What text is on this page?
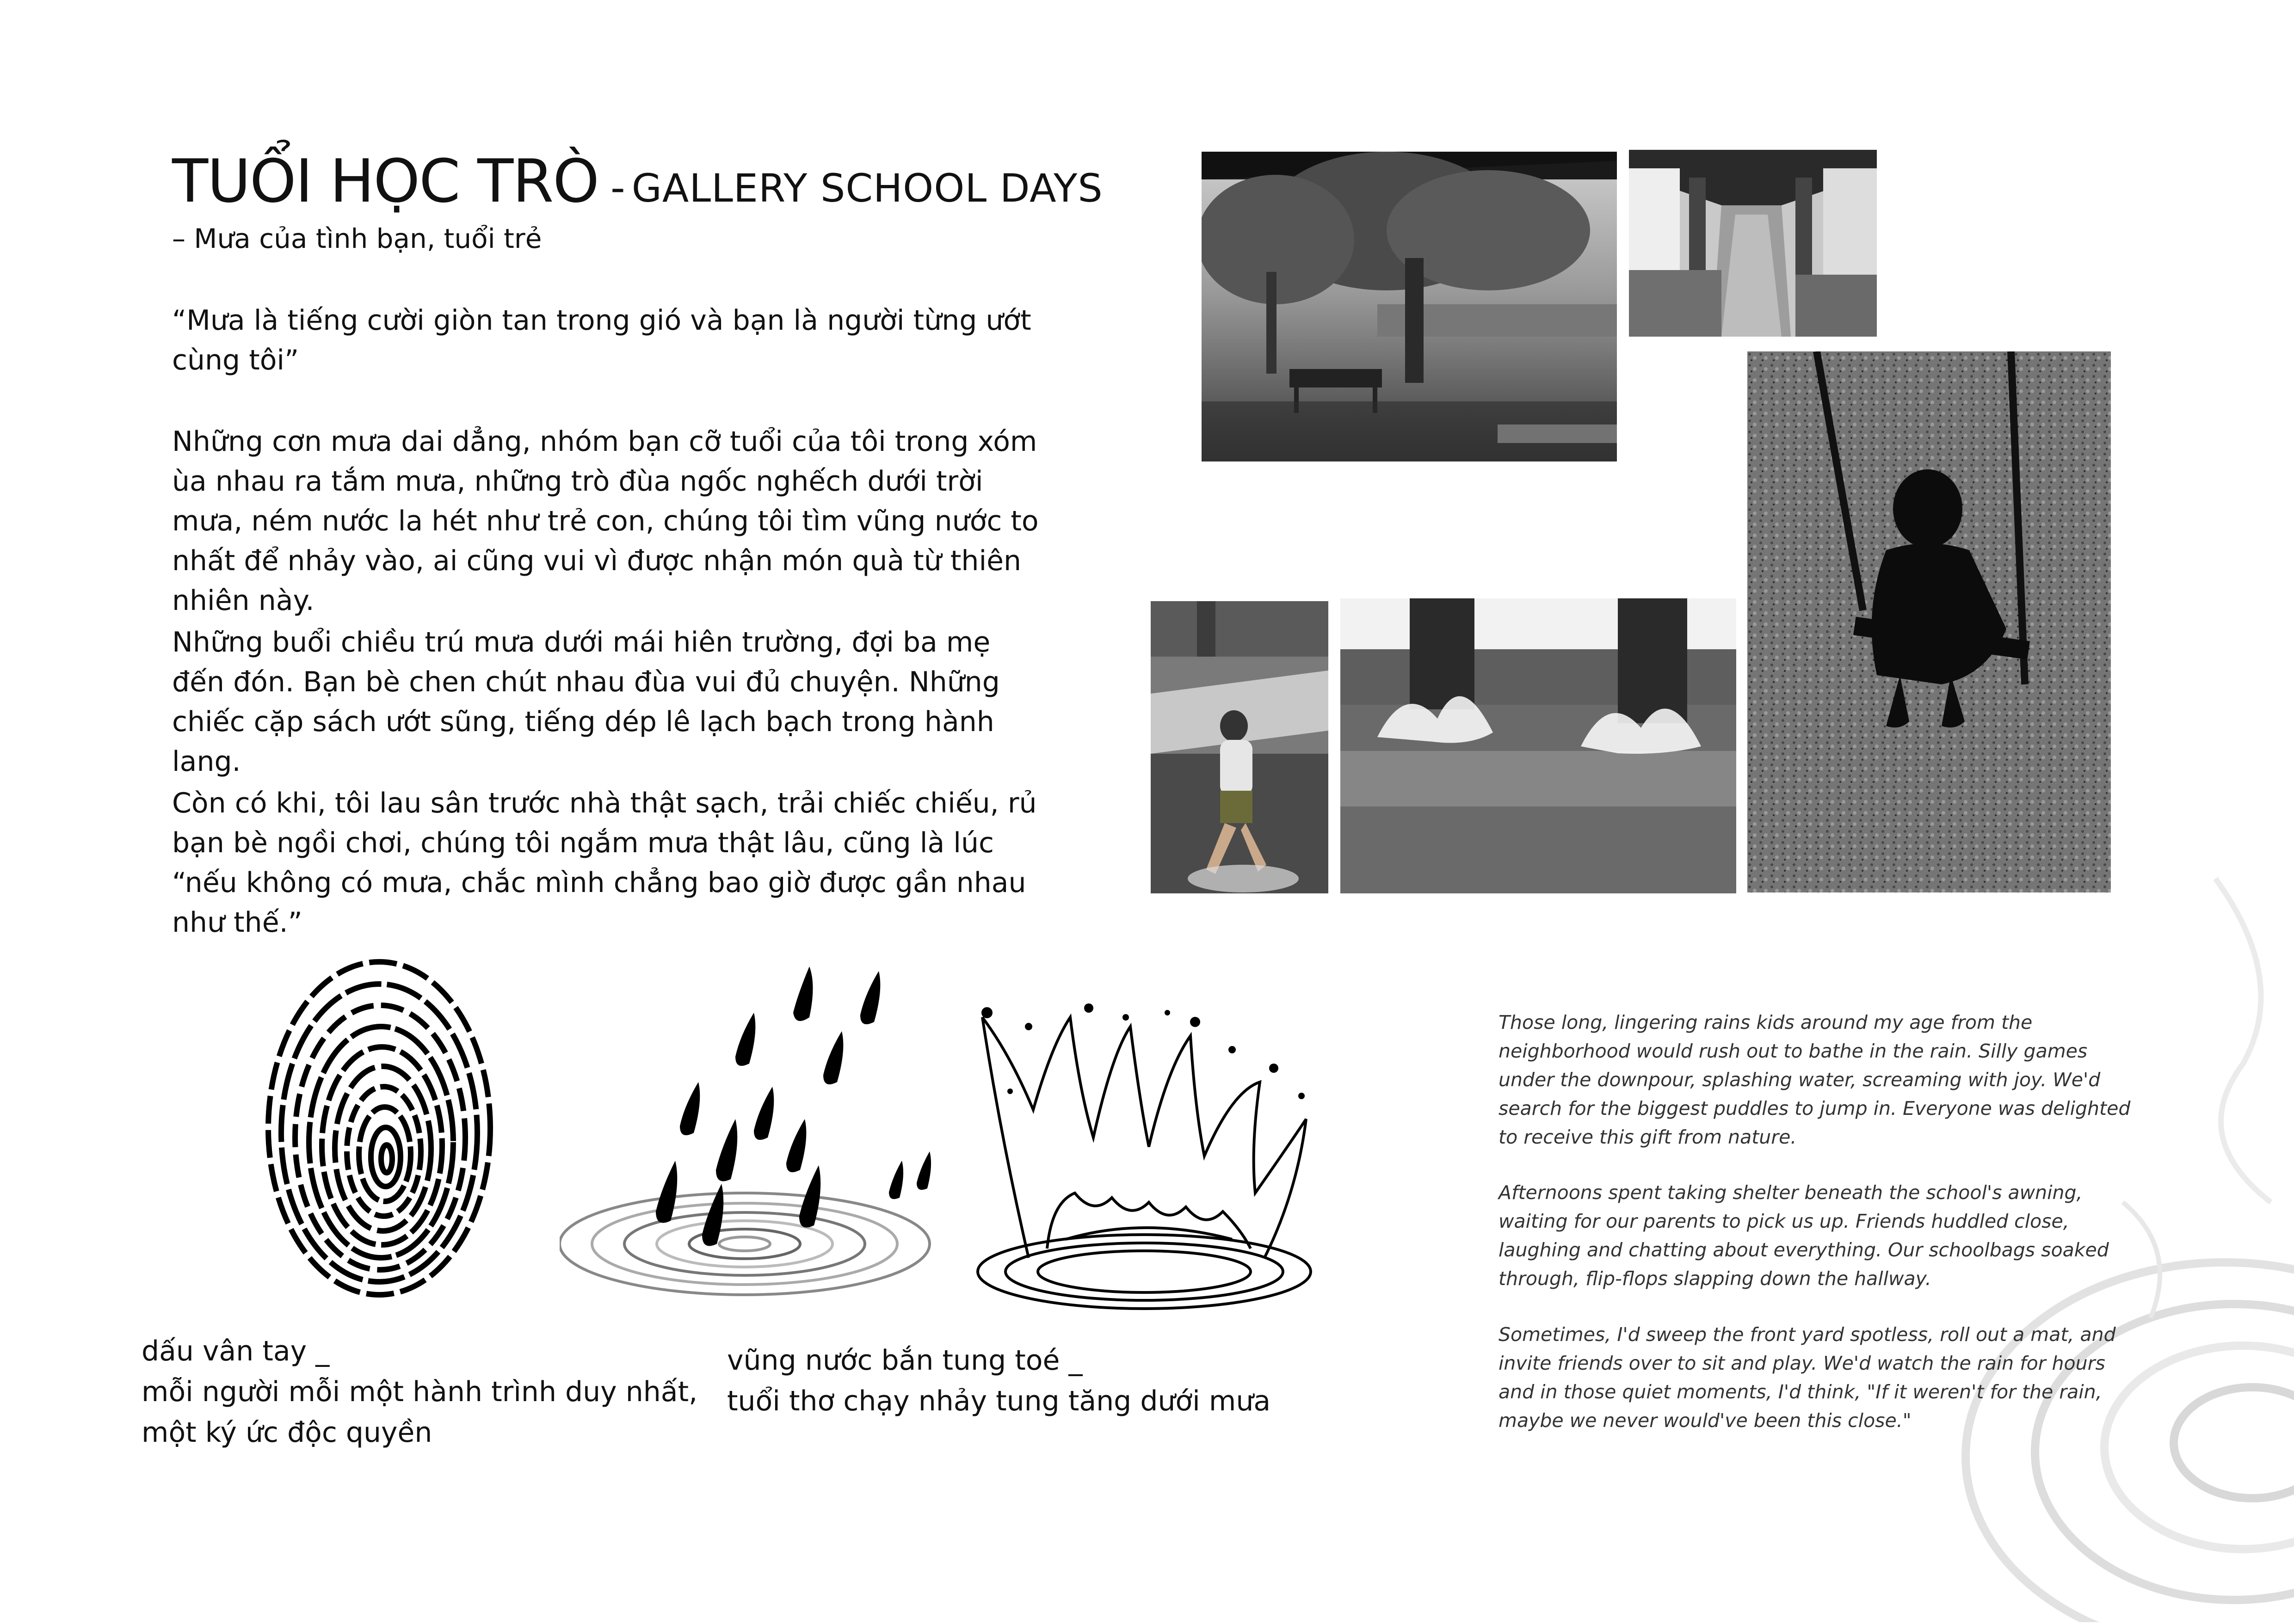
TUỔI HỌC TRÒ - GALLERY SCHOOL DAYS
– Mưa của tình bạn, tuổi trẻ
“Mưa là tiếng cười giòn tan trong gió và bạn là người từng ướt cùng tôi”
Những cơn mưa dai dẳng, nhóm bạn cỡ tuổi của tôi trong xóm ùa nhau ra tắm mưa, những trò đùa ngốc nghếch dưới trời mưa, ném nước la hét như trẻ con, chúng tôi tìm vũng nước to nhất để nhảy vào, ai cũng vui vì được nhận món quà từ thiên nhiên này.
Những buổi chiều trú mưa dưới mái hiên trường, đợi ba mẹ đến đón. Bạn bè chen chút nhau đùa vui đủ chuyện. Những chiếc cặp sách ướt sũng, tiếng dép lê lạch bạch trong hành lang.
Còn có khi, tôi lau sân trước nhà thật sạch, trải chiếc chiếu, rủ bạn bè ngồi chơi, chúng tôi ngắm mưa thật lâu, cũng là lúc “nếu không có mưa, chắc mình chẳng bao giờ được gần nhau như thế.”
dấu vân tay _
mỗi người mỗi một hành trình duy nhất,
một ký ức độc quyền
vũng nước bắn tung toé _
tuổi thơ chạy nhảy tung tăng dưới mưa
Those long, lingering rains kids around my age from the neighborhood would rush out to bathe in the rain. Silly games under the downpour, splashing water, screaming with joy. We'd search for the biggest puddles to jump in. Everyone was delighted to receive this gift from nature.
Afternoons spent taking shelter beneath the school's awning, waiting for our parents to pick us up. Friends huddled close, laughing and chatting about everything. Our schoolbags soaked through, flip-flops slapping down the hallway.
Sometimes, I'd sweep the front yard spotless, roll out a mat, and invite friends over to sit and play. We'd watch the rain for hours and in those quiet moments, I'd think, "If it weren't for the rain, maybe we never would've been this close."
